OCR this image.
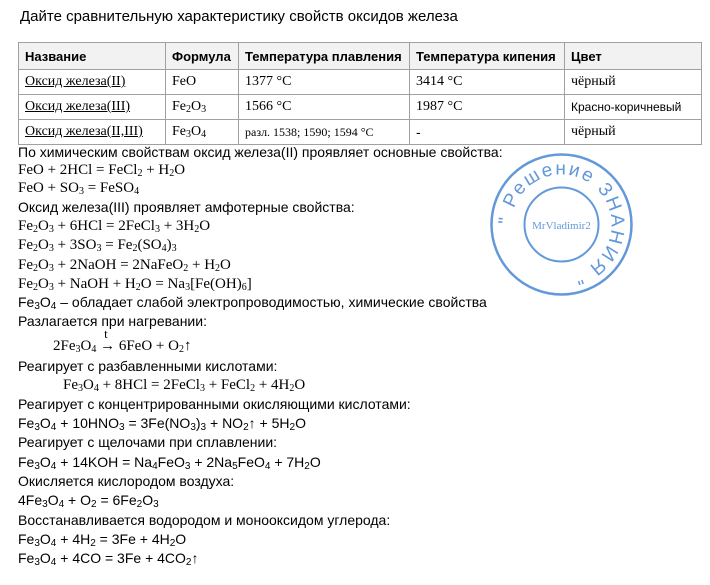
Дайте сравнительную характеристику свойств оксидов железа
Название	Формула	Температура плавления	Температура кипения	Цвет
Оксид железа(II)	FeO	1377 °C	3414 °C	чёрный
Оксид железа(III)	$Fe_2O_3$	1566 °C	1987 °C	Красно-коричневый
Оксид железа(II,III)	$Fe_3O_4$	разл. 1538; 1590; 1594 °C	-	чёрный
По химическим свойствам оксид железа(II) проявляет основные свойства:
FeO + 2HCl = FeCl$_2$ + $H_2O$
FeO + $SO_3$ = FeSO$_4$
Оксид железа(III) проявляет амфотерные свойства:
$Fe_2O_3 + 6HCl$ = 2FeCl$_3$ + $3H_2O$
$Fe_2O_3 + 3SO_3 = Fe_2(SO_4)_3$
$Fe_2O_3$ + 2NaOH = 2NaFeO$_2$ + $H_2O$
$Fe_2O_3$ + NaOH + $H_2O = Na_3[Fe(OH)_6]$
$Fe_3O_4$ – обладает слабой электропроводимостью, химические свойства
Разлагается при нагревании:
$2Fe_3O_4$
t
→ $6FeO + O_2↑$
Реагирует с разбавленными кислотами:
$Fe_3O_4 + 8HCl$ = 2FeCl$_3$ + FeCl$_2$ + $4H_2O$
Реагирует с концентрированными окисляющими кислотами:
$Fe_3O_4 + 10HNO_3 = 3Fe(NO_3)_3$ + $NO_2↑ + 5H_2O$
Реагирует с щелочами при сплавлении:
$Fe_3O_4 + 14KOH = Na_4FeO_3 + 2Na_5FeO_4 + 7H_2O$
Окисляется кислородом воздуха:
$4Fe_3O_4 + O_2 = 6Fe_2O_3$
Восстанавливается водородом и монооксидом углерода:
$Fe_3O_4 + 4H_2 = 3Fe + 4H_2O$
$Fe_3O_4 + 4CO = 3Fe$ + $4CO_2↑$
" Решение ЗНАНИЯ "
MrVladimir2
